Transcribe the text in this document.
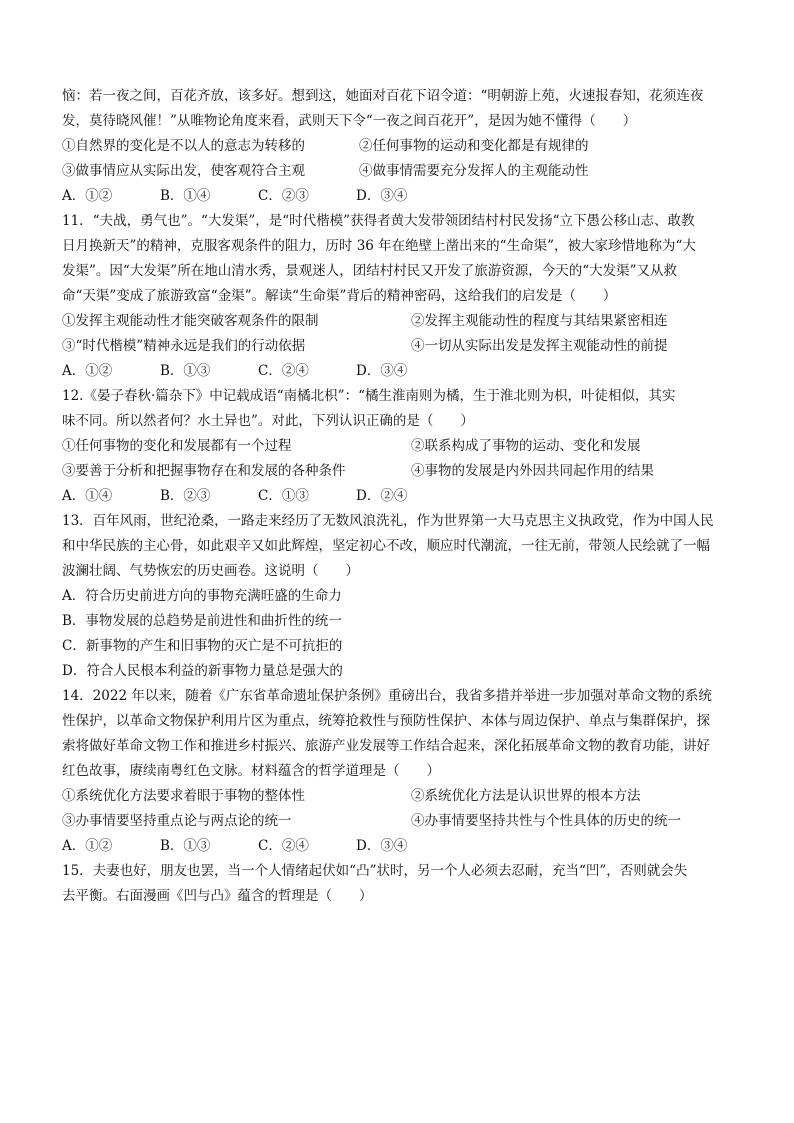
恼：若一夜之间，百花齐放，该多好。想到这，她面对百花下诏令道：“明朝游上苑，火速报春知，花须连夜
发，莫待晓风催！”从唯物论角度来看，武则天下令“一夜之间百花开”，是因为她不懂得（　　）
①自然界的变化是不以人的意志为转移的	②任何事物的运动和变化都是有规律的
③做事情应从实际出发，使客观符合主观	④做事情需要充分发挥人的主观能动性
A．①②	B．①④	C．②③	D．③④
11．“夫战，勇气也”。“大发渠”，是“时代楷模”获得者黄大发带领团结村村民发扬“立下愚公移山志、敢教
日月换新天”的精神，克服客观条件的阻力，历时 36 年在绝壁上凿出来的“生命渠”，被大家珍惜地称为“大
发渠”。因“大发渠”所在地山清水秀，景观迷人，团结村村民又开发了旅游资源，今天的“大发渠”又从救
命“天渠”变成了旅游致富“金渠”。解读“生命渠”背后的精神密码，这给我们的启发是（　　）
①发挥主观能动性才能突破客观条件的限制	②发挥主观能动性的程度与其结果紧密相连
③“时代楷模”精神永远是我们的行动依据	④一切从实际出发是发挥主观能动性的前提
A．①②	B．①③	C．②④	D．③④
12.《晏子春秋·篇杂下》中记载成语“南橘北枳”：“橘生淮南则为橘，生于淮北则为枳，叶徒相似，其实
味不同。所以然者何？水土异也”。对此，下列认识正确的是（　　）
①任何事物的变化和发展都有一个过程	②联系构成了事物的运动、变化和发展
③要善于分析和把握事物存在和发展的各种条件	④事物的发展是内外因共同起作用的结果
A．①④	B．②③	C．①③	D．②④
13．百年风雨，世纪沧桑，一路走来经历了无数风浪洗礼，作为世界第一大马克思主义执政党，作为中国人民
和中华民族的主心骨，如此艰辛又如此辉煌，坚定初心不改，顺应时代潮流，一往无前，带领人民绘就了一幅
波澜壮阔、气势恢宏的历史画卷。这说明（　　）
A．符合历史前进方向的事物充满旺盛的生命力
B．事物发展的总趋势是前进性和曲折性的统一
C．新事物的产生和旧事物的灭亡是不可抗拒的
D．符合人民根本利益的新事物力量总是强大的
14．2022 年以来，随着《广东省革命遗址保护条例》重磅出台，我省多措并举进一步加强对革命文物的系统
性保护，以革命文物保护利用片区为重点，统筹抢救性与预防性保护、本体与周边保护、单点与集群保护，探
索将做好革命文物工作和推进乡村振兴、旅游产业发展等工作结合起来，深化拓展革命文物的教育功能，讲好
红色故事，赓续南粤红色文脉。材料蕴含的哲学道理是（　　）
①系统优化方法要求着眼于事物的整体性	②系统优化方法是认识世界的根本方法
③办事情要坚持重点论与两点论的统一	④办事情要坚持共性与个性具体的历史的统一
A．①②	B．①③	C．②④	D．③④
15．夫妻也好，朋友也罢，当一个人情绪起伏如“凸”状时，另一个人必须去忍耐，充当“凹”，否则就会失
去平衡。右面漫画《凹与凸》蕴含的哲理是（　　）
